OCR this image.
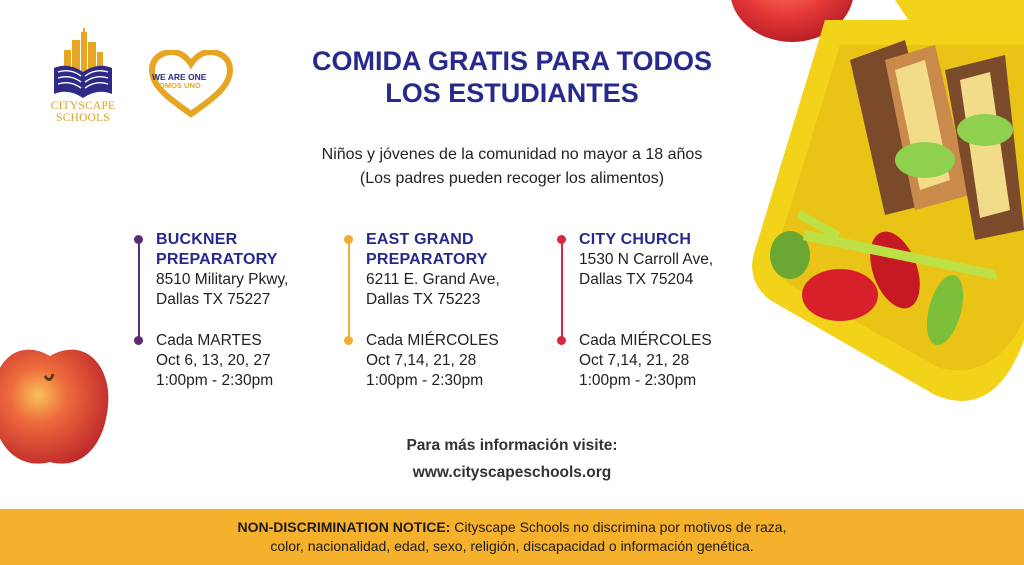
CITYSCAPE
SCHOOLS
WE ARE ONE
SOMOS UNO
COMIDA GRATIS PARA TODOS
LOS ESTUDIANTES
Niños y jóvenes de la comunidad no mayor a 18 años
(Los padres pueden recoger los alimentos)
BUCKNER
PREPARATORY
8510 Military Pkwy,
Dallas TX 75227
Cada MARTES
Oct 6, 13, 20, 27
1:00pm - 2:30pm
EAST GRAND
PREPARATORY
6211 E. Grand Ave,
Dallas TX 75223
Cada MIÉRCOLES
Oct 7,14, 21, 28
1:00pm - 2:30pm
CITY CHURCH
1530 N Carroll Ave,
Dallas TX 75204
Cada MIÉRCOLES
Oct 7,14, 21, 28
1:00pm - 2:30pm
Para más información visite:
www.cityscapeschools.org
NON-DISCRIMINATION NOTICE: Cityscape Schools no discrimina por motivos de raza,
color, nacionalidad, edad, sexo, religión, discapacidad o información genética.
